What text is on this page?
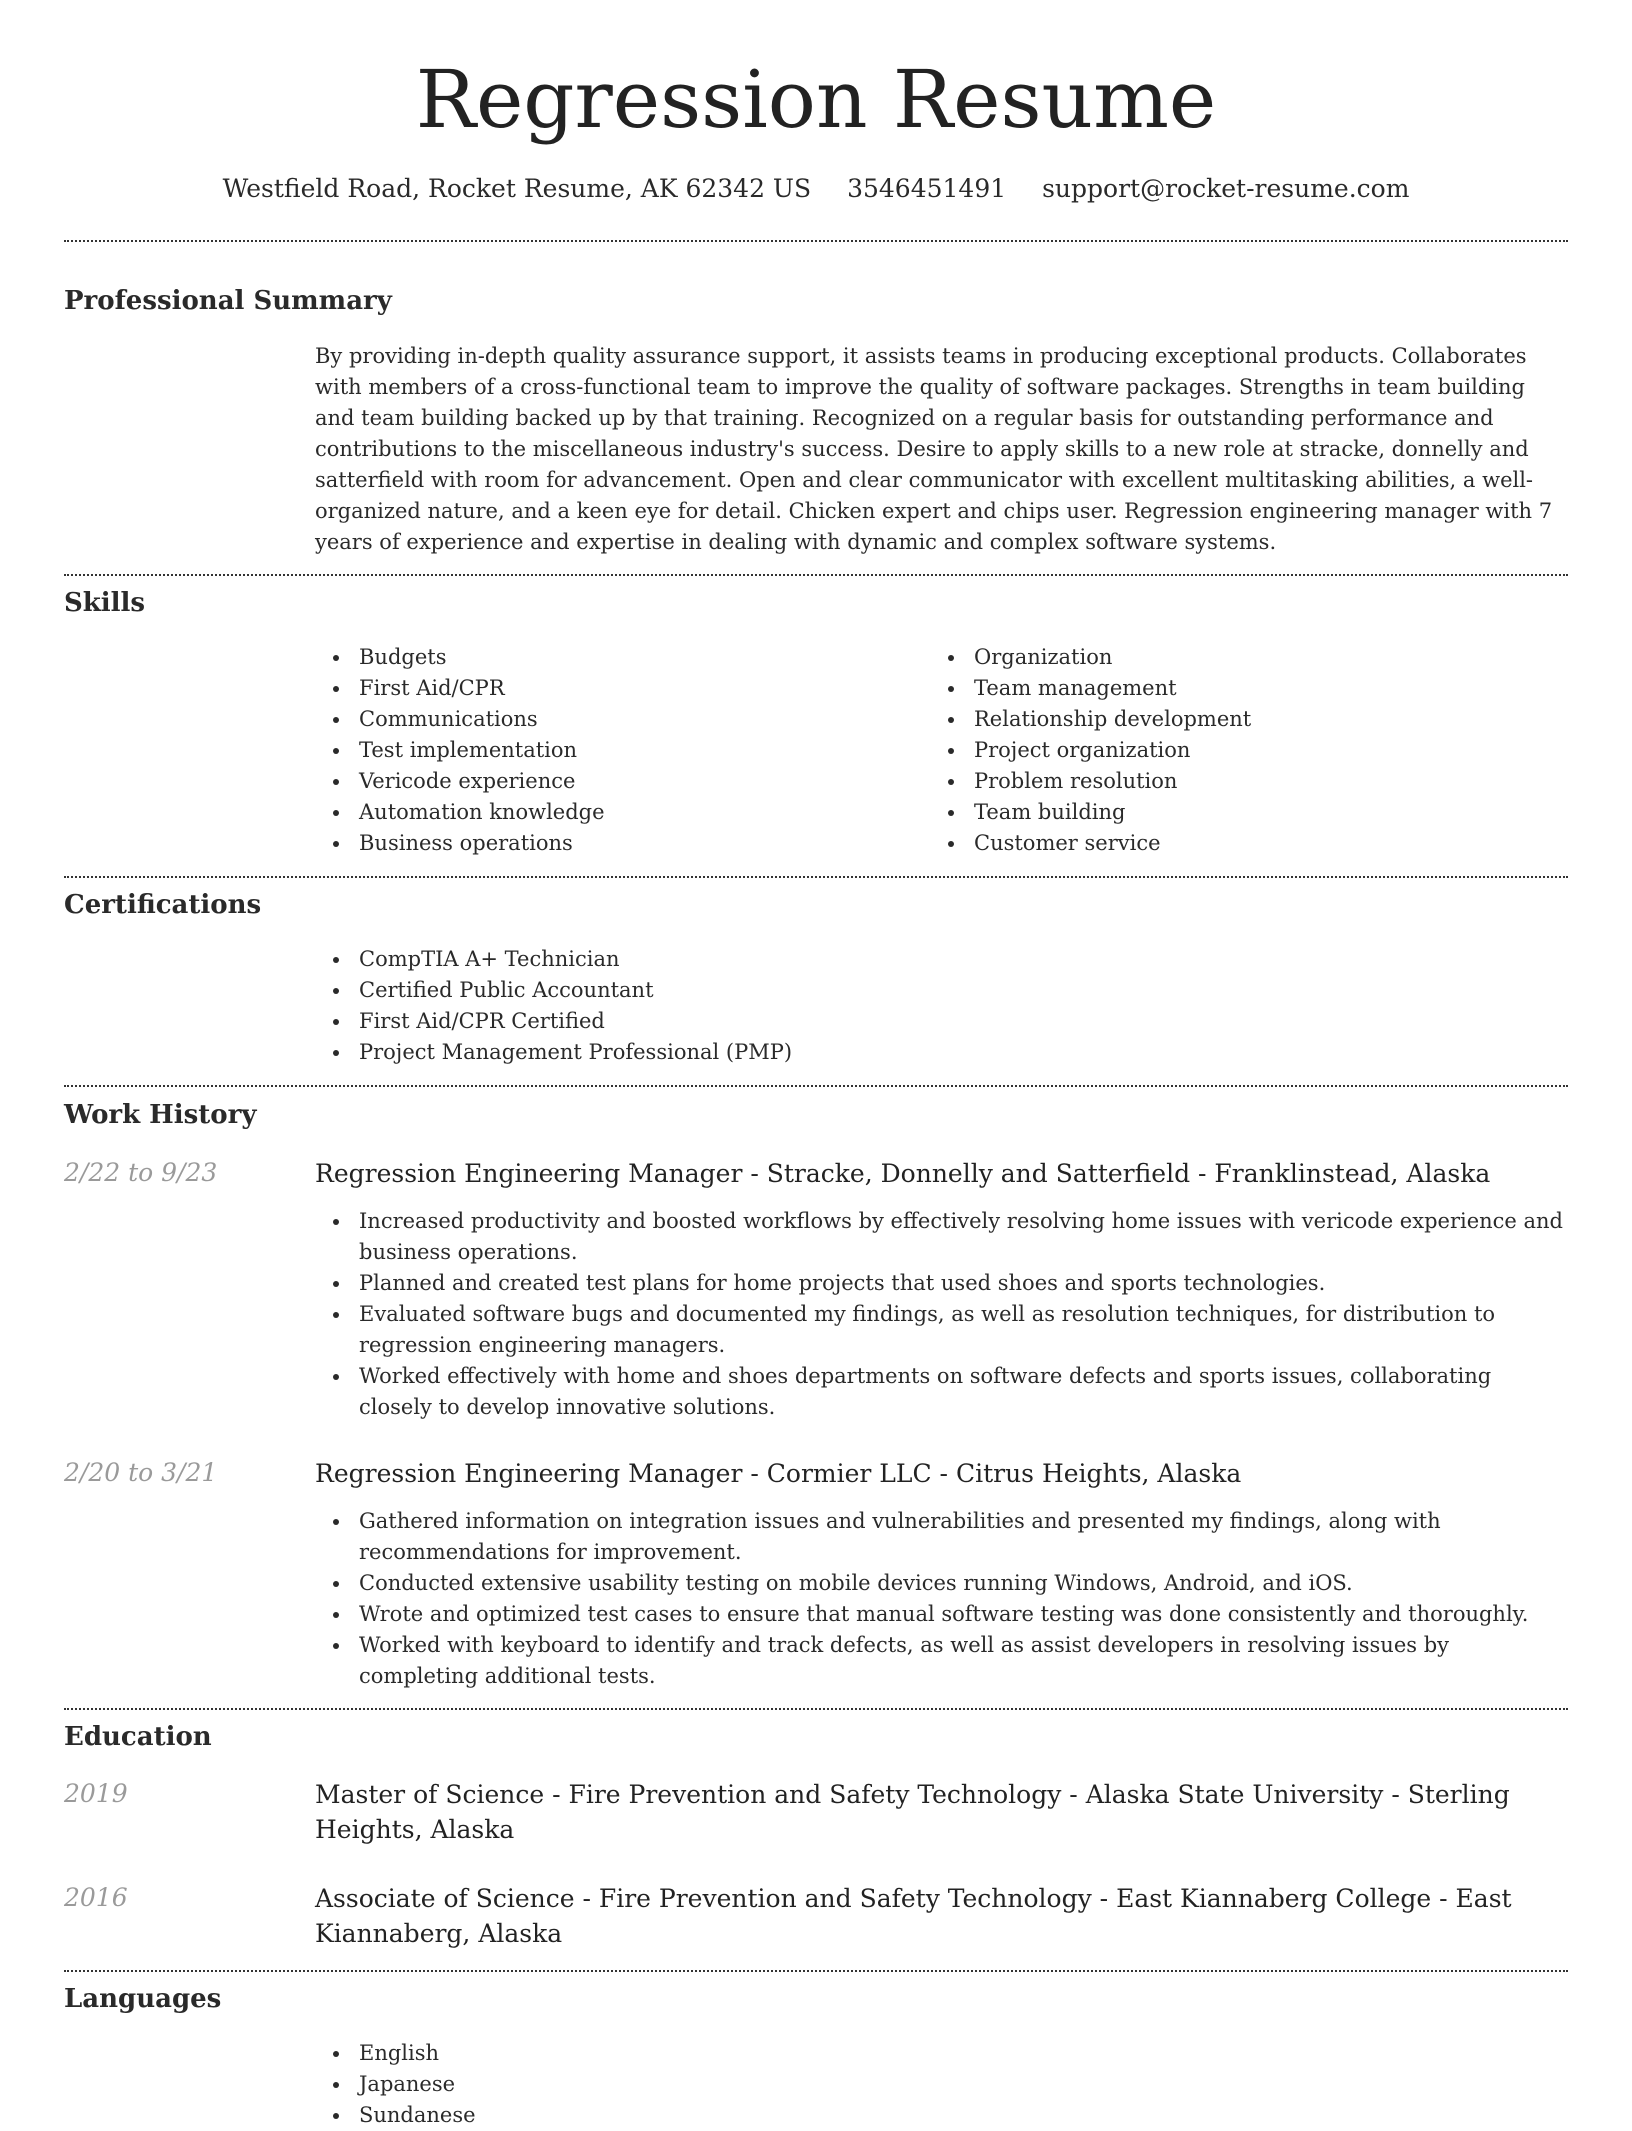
Regression Resume
Westfield Road, Rocket Resume, AK 62342 US 3546451491 support@rocket-resume.com
Professional Summary

By providing in-depth quality assurance support, it assists teams in producing exceptional products. Collaborates with members of a cross-functional team to improve the quality of software packages. Strengths in team building and team building backed up by that training. Recognized on a regular basis for outstanding performance and contributions to the miscellaneous industry's success. Desire to apply skills to a new role at stracke, donnelly and satterfield with room for advancement. Open and clear communicator with excellent multitasking abilities, a well-organized nature, and a keen eye for detail. Chicken expert and chips user. Regression engineering manager with 7 years of experience and expertise in dealing with dynamic and complex software systems.

Skills
Budgets
First Aid/CPR
Communications
Test implementation
Vericode experience
Automation knowledge
Business operations
Organization
Team management
Relationship development
Project organization
Problem resolution
Team building
Customer service
Certifications
CompTIA A+ Technician
Certified Public Accountant
First Aid/CPR Certified
Project Management Professional (PMP)
Work History
2/22 to 9/23	Regression Engineering Manager - Stracke, Donnelly and Satterfield - Franklinstead, Alaska
Increased productivity and boosted workflows by effectively resolving home issues with vericode experience and business operations.
Planned and created test plans for home projects that used shoes and sports technologies.
Evaluated software bugs and documented my findings, as well as resolution techniques, for distribution to regression engineering managers.
Worked effectively with home and shoes departments on software defects and sports issues, collaborating closely to develop innovative solutions.
2/20 to 3/21	Regression Engineering Manager - Cormier LLC - Citrus Heights, Alaska
Gathered information on integration issues and vulnerabilities and presented my findings, along with recommendations for improvement.
Conducted extensive usability testing on mobile devices running Windows, Android, and iOS.
Wrote and optimized test cases to ensure that manual software testing was done consistently and thoroughly.
Worked with keyboard to identify and track defects, as well as assist developers in resolving issues by completing additional tests.
Education
2019	Master of Science - Fire Prevention and Safety Technology - Alaska State University - Sterling Heights, Alaska
2016	Associate of Science - Fire Prevention and Safety Technology - East Kiannaberg College - East Kiannaberg, Alaska
Languages
English
Japanese
Sundanese
